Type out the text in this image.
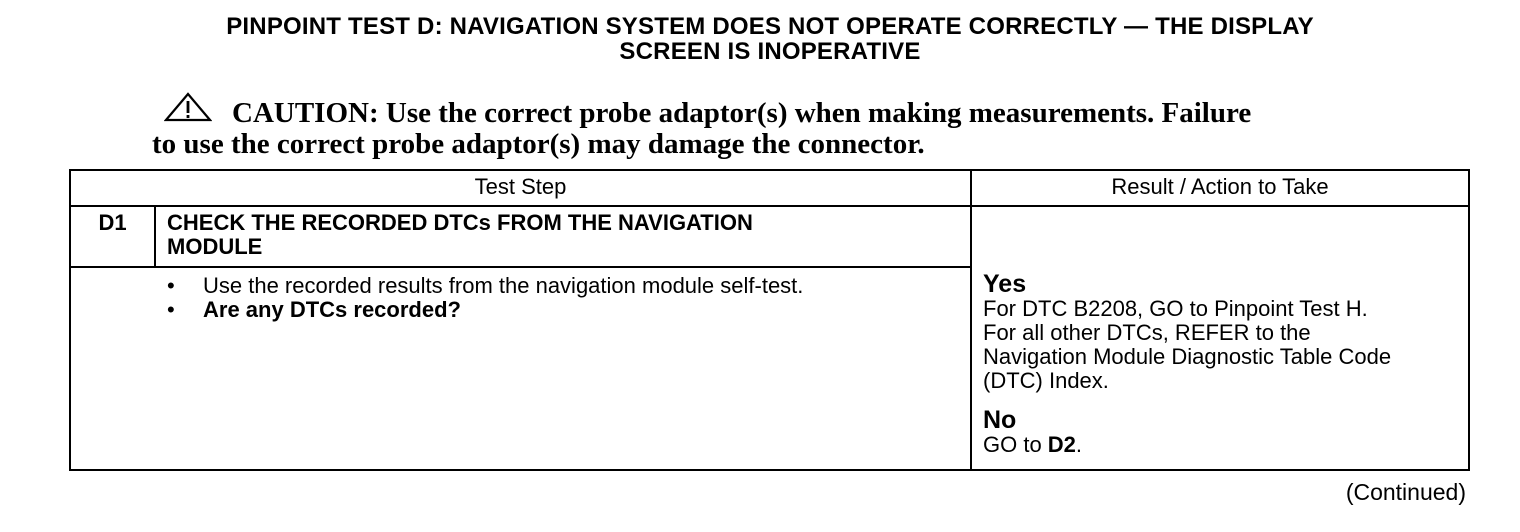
PINPOINT TEST D: NAVIGATION SYSTEM DOES NOT OPERATE CORRECTLY — THE DISPLAY
SCREEN IS INOPERATIVE
CAUTION: Use the correct probe adaptor(s) when making measurements. Failure
to use the correct probe adaptor(s) may damage the connector.
Test Step	Result / Action to Take
D1	CHECK THE RECORDED DTCs FROM THE NAVIGATION
MODULE
• Use the recorded results from the navigation module self-test.
• Are any DTCs recorded?
Yes
For DTC B2208, GO to Pinpoint Test H.
For all other DTCs, REFER to the
Navigation Module Diagnostic Table Code
(DTC) Index.
No
GO to D2.
(Continued)
